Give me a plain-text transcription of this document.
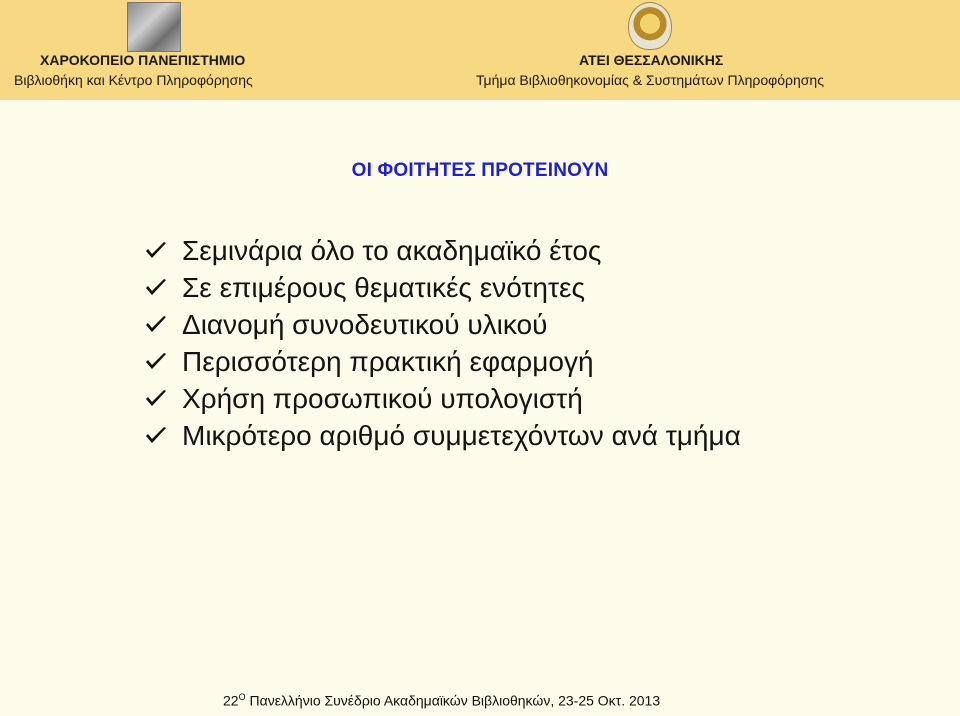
ΧΑΡΟΚΟΠΕΙΟ ΠΑΝΕΠΙΣΤΗΜΙΟ
Βιβλιοθήκη και Κέντρο Πληροφόρησης
ΑΤΕΙ ΘΕΣΣΑΛΟΝΙΚΗΣ
Τμήμα Βιβλιοθηκονομίας & Συστημάτων Πληροφόρησης
ΟΙ ΦΟΙΤΗΤΕΣ ΠΡΟΤΕΙΝΟΥΝ
Σεμινάρια όλο το ακαδημαϊκό έτος
Σε επιμέρους θεματικές ενότητες
Διανομή συνοδευτικού υλικού
Περισσότερη πρακτική εφαρμογή
Χρήση προσωπικού υπολογιστή
Μικρότερο αριθμό συμμετεχόντων ανά τμήμα
$22^O$ Πανελλήνιο Συνέδριο Ακαδημαϊκών Βιβλιοθηκών, 23-25 Οκτ. 2013
